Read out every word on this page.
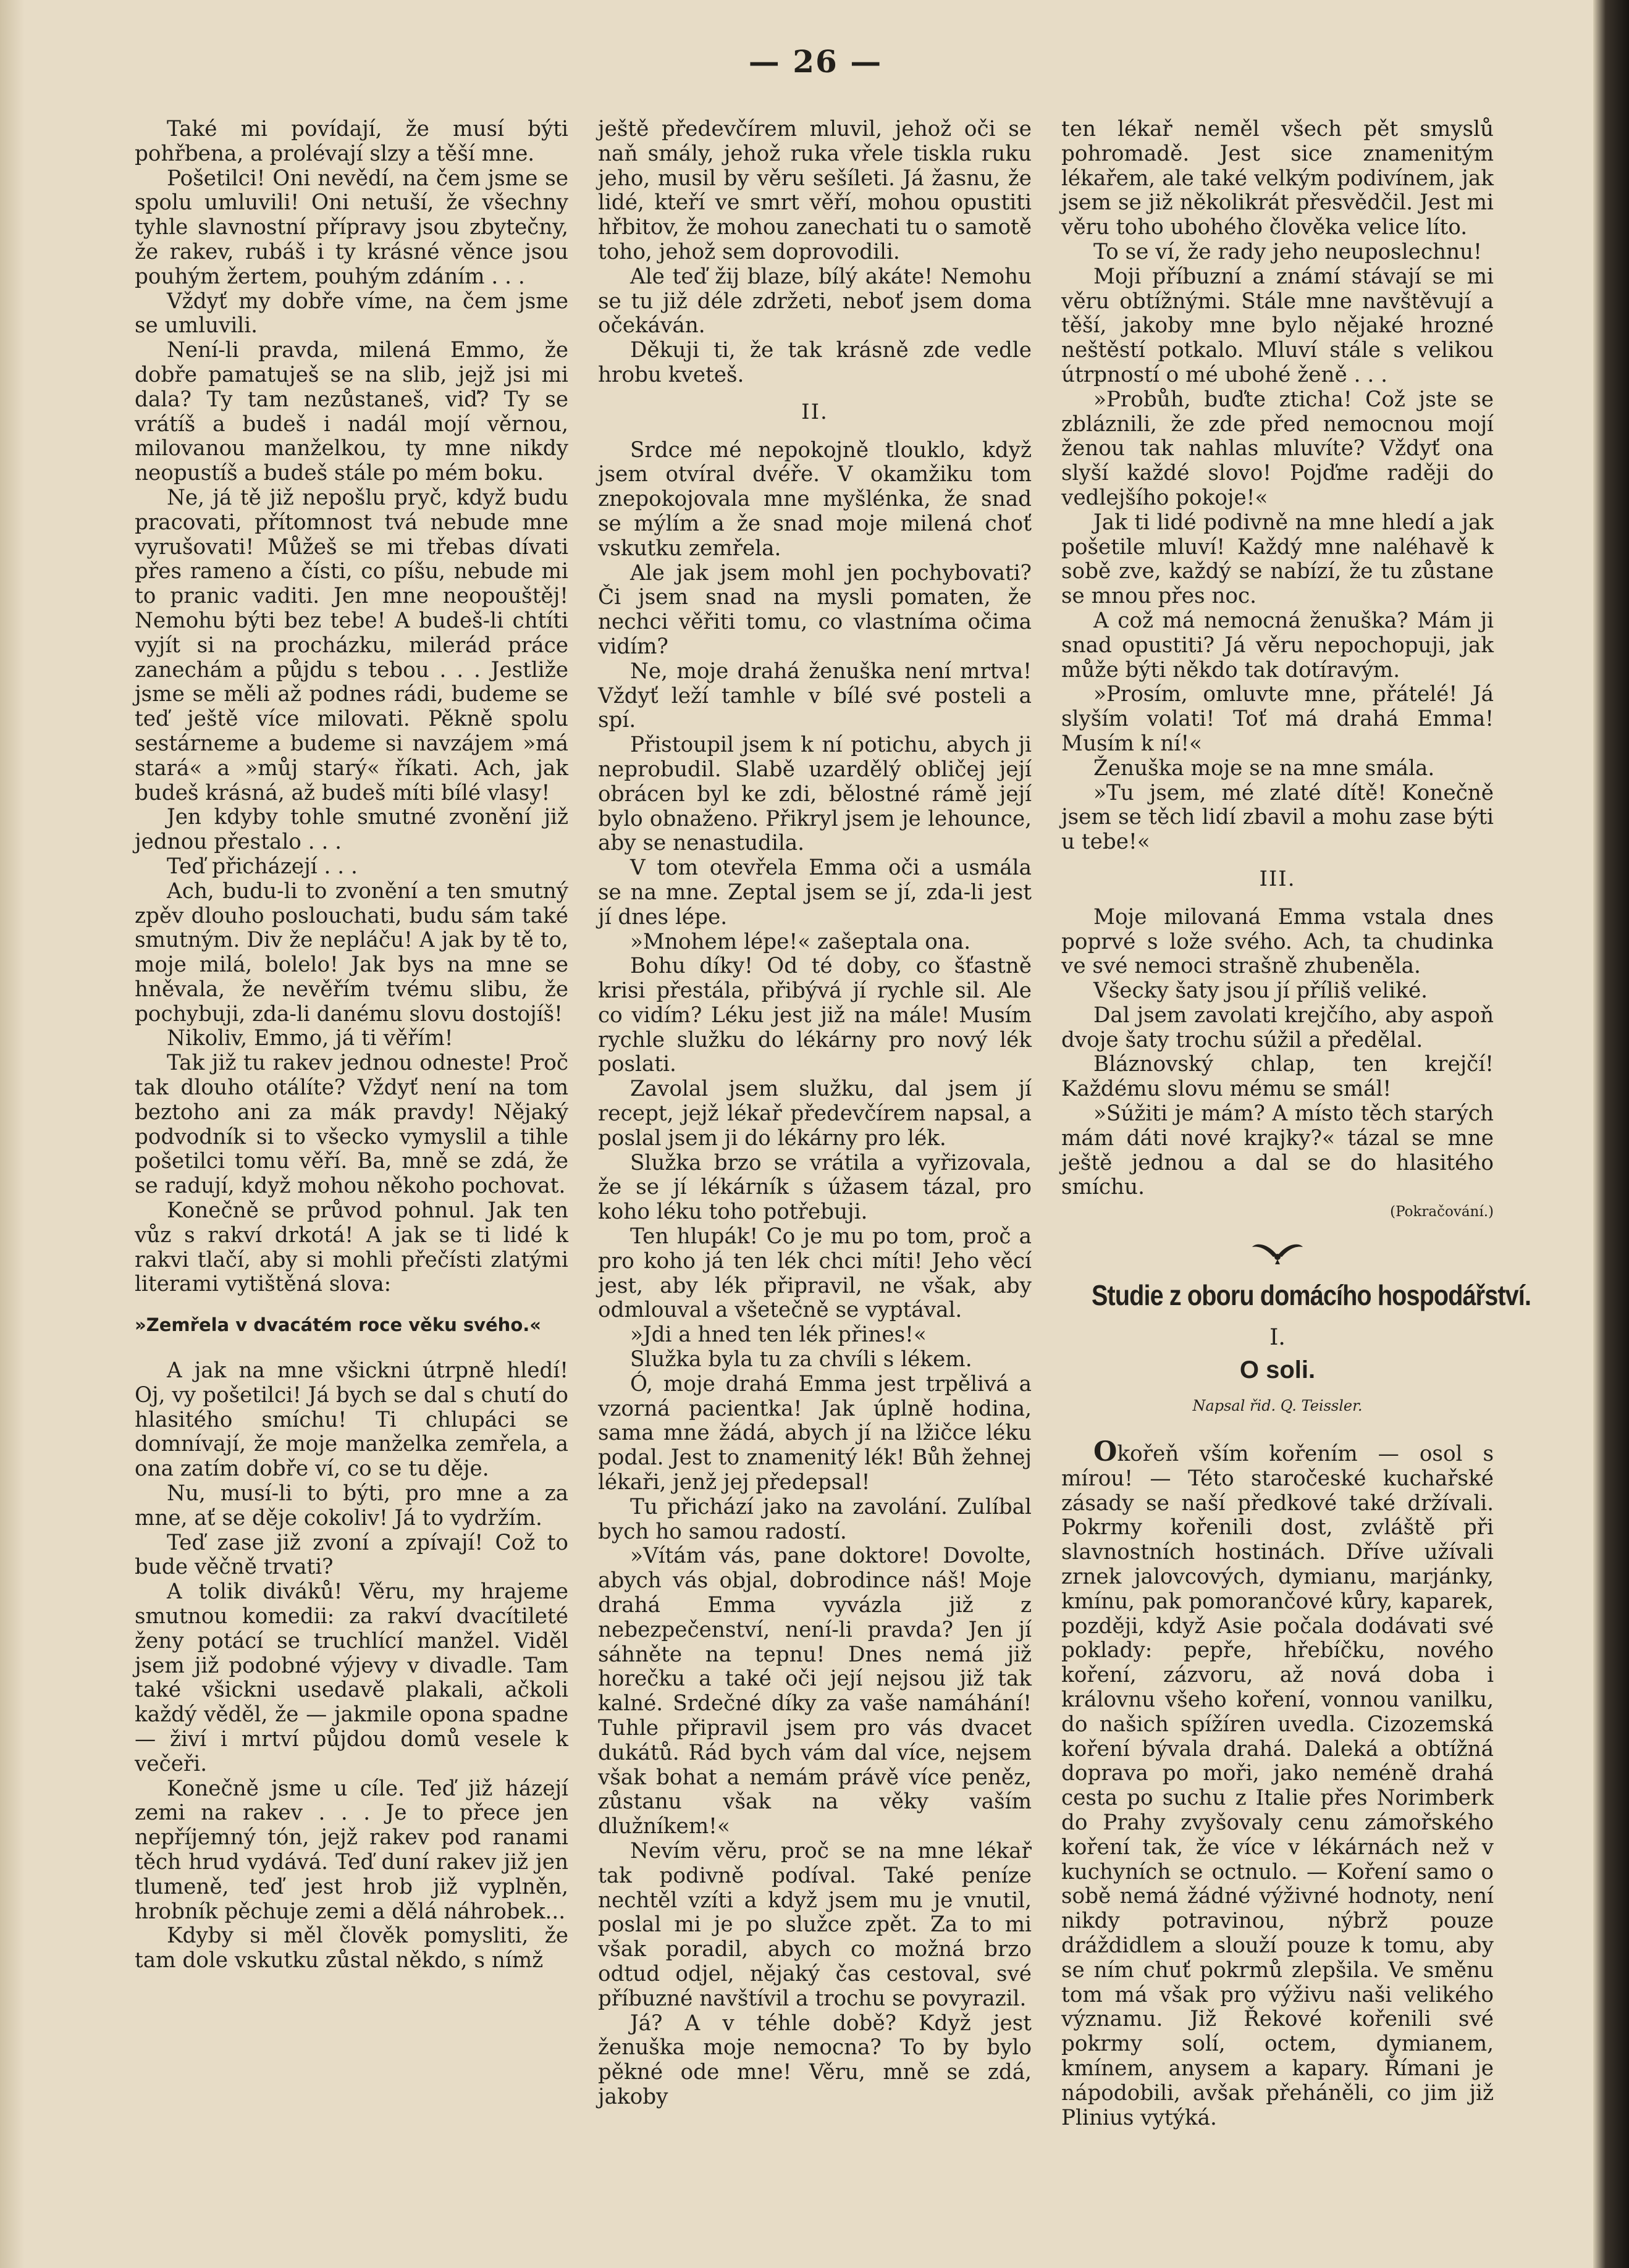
— 26 —

Také mi povídají, že musí býti pohřbena, a prolévají slzy a těší mne.

Pošetilci! Oni nevědí, na čem jsme se spolu umluvili! Oni netuší, že všechny tyhle slavnostní přípravy jsou zbytečny, že rakev, rubáš i ty krásné věnce jsou pouhým žertem, pouhým zdáním . . .

Vždyť my dobře víme, na čem jsme se umluvili.

Není-li pravda, milená Emmo, že dobře pamatuješ se na slib, jejž jsi mi dala? Ty tam nezůstaneš, viď? Ty se vrátíš a budeš i nadál mojí věrnou, milovanou manželkou, ty mne nikdy neopustíš a budeš stále po mém boku.

Ne, já tě již nepošlu pryč, když budu pracovati, přítomnost tvá nebude mne vyrušovati! Můžeš se mi třebas dívati přes rameno a čísti, co píšu, nebude mi to pranic vaditi. Jen mne neopouštěj! Nemohu býti bez tebe! A budeš-li chtíti vyjít si na procházku, milerád práce zanechám a půjdu s tebou . . . Jestliže jsme se měli až podnes rádi, budeme se teď ještě více milovati. Pěkně spolu sestárneme a budeme si navzájem »má stará« a »můj starý« říkati. Ach, jak budeš krásná, až budeš míti bílé vlasy!

Jen kdyby tohle smutné zvonění již jednou přestalo . . .

Teď přicházejí . . .

Ach, budu-li to zvonění a ten smutný zpěv dlouho poslouchati, budu sám také smutným. Div že nepláču! A jak by tě to, moje milá, bolelo! Jak bys na mne se hněvala, že nevěřím tvému slibu, že pochybuji, zda-li danému slovu dostojíš!

Nikoliv, Emmo, já ti věřím!

Tak již tu rakev jednou odneste! Proč tak dlouho otálíte? Vždyť není na tom beztoho ani za mák pravdy! Nějaký podvodník si to všecko vymyslil a tihle pošetilci tomu věří. Ba, mně se zdá, že se radují, když mohou někoho pochovat.

Konečně se průvod pohnul. Jak ten vůz s rakví drkotá! A jak se ti lidé k rakvi tlačí, aby si mohli přečísti zlatými literami vytištěná slova:

»Zemřela v dvacátém roce věku svého.«

A jak na mne všickni útrpně hledí! Oj, vy pošetilci! Já bych se dal s chutí do hlasitého smíchu! Ti chlupáci se domnívají, že moje manželka zemřela, a ona zatím dobře ví, co se tu děje.

Nu, musí-li to býti, pro mne a za mne, ať se děje cokoliv! Já to vydržím.

Teď zase již zvoní a zpívají! Což to bude věčně trvati?

A tolik diváků! Věru, my hrajeme smutnou komedii: za rakví dvacítileté ženy potácí se truchlící manžel. Viděl jsem již podobné výjevy v divadle. Tam také všickni usedavě plakali, ačkoli každý věděl, že — jakmile opona spadne — živí i mrtví půjdou domů vesele k večeři.

Konečně jsme u cíle. Teď již házejí zemi na rakev . . . Je to přece jen nepříjemný tón, jejž rakev pod ranami těch hrud vydává. Teď duní rakev již jen tlumeně, teď jest hrob již vyplněn, hrobník pěchuje zemi a dělá náhrobek...

Kdyby si měl člověk pomysliti, že tam dole vskutku zůstal někdo, s nímž

ještě předevčírem mluvil, jehož oči se naň smály, jehož ruka vřele tiskla ruku jeho, musil by věru sešíleti. Já žasnu, že lidé, kteří ve smrt věří, mohou opustiti hřbitov, že mohou zanechati tu o samotě toho, jehož sem doprovodili.

Ale teď žij blaze, bílý akáte! Nemohu se tu již déle zdržeti, neboť jsem doma očekáván.

Děkuji ti, že tak krásně zde vedle hrobu kveteš.

II.

Srdce mé nepokojně tlouklo, když jsem otvíral dvéře. V okamžiku tom znepokojovala mne myšlénka, že snad se mýlím a že snad moje milená choť vskutku zemřela.

Ale jak jsem mohl jen pochybovati? Či jsem snad na mysli pomaten, že nechci věřiti tomu, co vlastníma očima vidím?

Ne, moje drahá ženuška není mrtva! Vždyť leží tamhle v bílé své posteli a spí.

Přistoupil jsem k ní potichu, abych ji neprobudil. Slabě uzardělý obličej její obrácen byl ke zdi, bělostné rámě její bylo obnaženo. Přikryl jsem je lehounce, aby se nenastudila.

V tom otevřela Emma oči a usmála se na mne. Zeptal jsem se jí, zda-li jest jí dnes lépe.

»Mnohem lépe!« zašeptala ona.

Bohu díky! Od té doby, co šťastně krisi přestála, přibývá jí rychle sil. Ale co vidím? Léku jest již na mále! Musím rychle služku do lékárny pro nový lék poslati.

Zavolal jsem služku, dal jsem jí recept, jejž lékař předevčírem napsal, a poslal jsem ji do lékárny pro lék.

Služka brzo se vrátila a vyřizovala, že se jí lékárník s úžasem tázal, pro koho léku toho potřebuji.

Ten hlupák! Co je mu po tom, proč a pro koho já ten lék chci míti! Jeho věcí jest, aby lék připravil, ne však, aby odmlouval a všetečně se vyptával.

»Jdi a hned ten lék přines!«

Služka byla tu za chvíli s lékem.

Ó, moje drahá Emma jest trpělivá a vzorná pacientka! Jak úplně hodina, sama mne žádá, abych jí na lžičce léku podal. Jest to znamenitý lék! Bůh žehnej lékaři, jenž jej předepsal!

Tu přichází jako na zavolání. Zulíbal bych ho samou radostí.

»Vítám vás, pane doktore! Dovolte, abych vás objal, dobrodince náš! Moje drahá Emma vyvázla již z nebezpečenství, není-li pravda? Jen jí sáhněte na tepnu! Dnes nemá již horečku a také oči její nejsou již tak kalné. Srdečné díky za vaše namáhání! Tuhle připravil jsem pro vás dvacet dukátů. Rád bych vám dal více, nejsem však bohat a nemám právě více peněz, zůstanu však na věky vaším dlužníkem!«

Nevím věru, proč se na mne lékař tak podivně podíval. Také peníze nechtěl vzíti a když jsem mu je vnutil, poslal mi je po služce zpět. Za to mi však poradil, abych co možná brzo odtud odjel, nějaký čas cestoval, své příbuzné navštívil a trochu se povyrazil.

Já? A v téhle době? Když jest ženuška moje nemocna? To by bylo pěkné ode mne! Věru, mně se zdá, jakoby

ten lékař neměl všech pět smyslů pohromadě. Jest sice znamenitým lékařem, ale také velkým podivínem, jak jsem se již několikrát přesvědčil. Jest mi věru toho ubohého člověka velice líto.

To se ví, že rady jeho neuposlechnu!

Moji příbuzní a známí stávají se mi věru obtížnými. Stále mne navštěvují a těší, jakoby mne bylo nějaké hrozné neštěstí potkalo. Mluví stále s velikou útrpností o mé ubohé ženě . . .

»Probůh, buďte zticha! Což jste se zbláznili, že zde před nemocnou mojí ženou tak nahlas mluvíte? Vždyť ona slyší každé slovo! Pojďme raději do vedlejšího pokoje!«

Jak ti lidé podivně na mne hledí a jak pošetile mluví! Každý mne naléhavě k sobě zve, každý se nabízí, že tu zůstane se mnou přes noc.

A což má nemocná ženuška? Mám ji snad opustiti? Já věru nepochopuji, jak může býti někdo tak dotíravým.

»Prosím, omluvte mne, přátelé! Já slyším volati! Toť má drahá Emma! Musím k ní!«

Ženuška moje se na mne smála.

»Tu jsem, mé zlaté dítě! Konečně jsem se těch lidí zbavil a mohu zase býti u tebe!«

III.

Moje milovaná Emma vstala dnes poprvé s lože svého. Ach, ta chudinka ve své nemoci strašně zhubeněla.

Všecky šaty jsou jí příliš veliké.

Dal jsem zavolati krejčího, aby aspoň dvoje šaty trochu súžil a předělal.

Bláznovský chlap, ten krejčí! Každému slovu mému se smál!

»Súžiti je mám? A místo těch starých mám dáti nové krajky?« tázal se mne ještě jednou a dal se do hlasitého smíchu.

(Pokračování.)
Studie z oboru domácího hospodářství.
I.
O soli.
Napsal řid. Q. Teissler.

Okořeň vším kořením — osol s mírou! — Této staročeské kuchařské zásady se naší předkové také držívali. Pokrmy kořenili dost, zvláště při slavnostních hostinách. Dříve užívali zrnek jalovcových, dymianu, marjánky, kmínu, pak pomorančové kůry, kaparek, později, když Asie počala dodávati své poklady: pepře, hřebíčku, nového koření, zázvoru, až nová doba i královnu všeho koření, vonnou vanilku, do našich spížíren uvedla. Cizozemská koření bývala drahá. Daleká a obtížná doprava po moři, jako neméně drahá cesta po suchu z Italie přes Norimberk do Prahy zvyšovaly cenu zámořského koření tak, že více v lékárnách než v kuchyních se octnulo. — Koření samo o sobě nemá žádné výživné hodnoty, není nikdy potravinou, nýbrž pouze dráždidlem a slouží pouze k tomu, aby se ním chuť pokrmů zlepšila. Ve směnu tom má však pro výživu naši velikého významu. Již Řekové kořenili své pokrmy solí, octem, dymianem, kmínem, anysem a kapary. Římani je nápodobili, avšak přeháněli, co jim již Plinius vytýká.
